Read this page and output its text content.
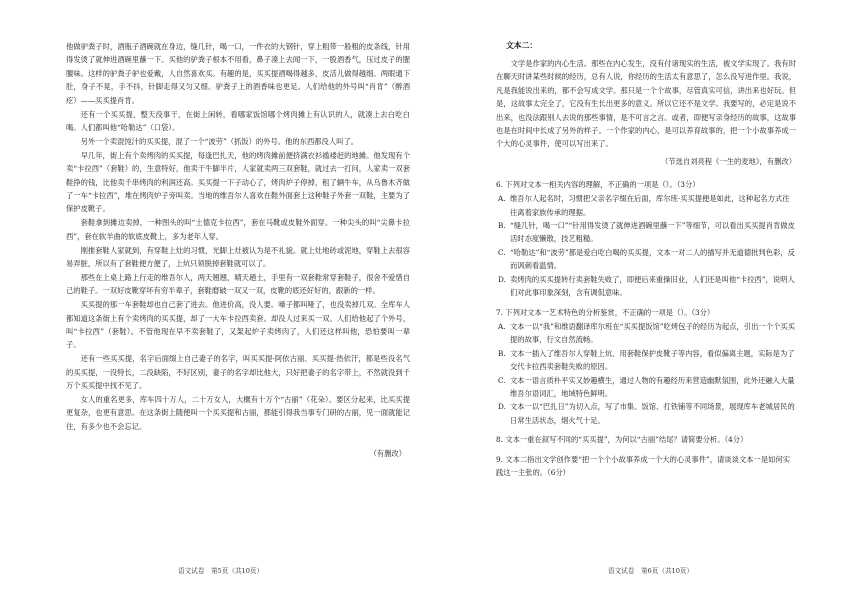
他做驴粪子时，酒瓶子酒碗就在身边，缝几针，喝一口，一件衣的大钢针，穿上粗带一般粗的皮条线，针用得发烫了就伸进酒碗里蘸一下。买他的驴粪子根本不用看，鼻子凑上去闻一下，一股酒香气，压过皮子的腥膻味。这样的驴粪子驴也爱戴，人自然喜欢买。有趣的是，买买提酒喝得越多，皮活儿做得越细。两眼通下肚，身子不晃，手不抖，针脚走得又匀又细。驴粪子上的酒香味也更足。人们给他的外号叫“肖肯”（醉酒疙）——买买提肖肯。

还有一个买买提，整天没事干，在街上闲转，看哪家饭馆哪个烤肉摊上有认识的人，就凑上去白吃白喝。人们都叫他“哈勒达”（口袋）。

另外一个卖混饨汁的买买提，混了一个“波劳”（抓饭）的外号。他的东西都没人叫了。

早几年，街上有个卖烤肉的买买提，每逢巴扎天，他的烤肉摊前便挤满衣衫褴褛赶的地摊。他发现有个卖“卡拉西”（套鞋）的，生意特好，他卖干牛脚半片，人家就卖两三双套鞋，就过去一打问，人家卖一双套鞋挣的钱，比他卖千串烤肉的利润还高。买买提一下子动心了，烤肉炉子停掉，租了辆牛车，从乌鲁木齐做了一车“卡拉西”，堆在烤肉炉子旁叫卖。当地的维吾尔人喜欢在鞋外面套上这种鞋子外套一双鞋，主要为了保护皮靴子。

套鞋拿到摊边卖掉，一种图头的叫“土德克卡拉西”，套在马靴或皮鞋外面穿。一种尖头的叫“尖鼻卡拉西”，套在软羊曲的软底皮靴上，多为老年人穿。

刚推套鞋人家就到，有穿鞋上灶的习惯，光脚上灶被认为是不礼貌。就上灶地砖或泥地，穿鞋上去很容易弄脏，所以有了套鞋便方便了，上炕只须脱掉套鞋就可以了。

那些在上桌上路上行走的维吾尔人，两天翘翘，晴天趟土，手里有一双套鞋常穿套鞋子，很舍不爱惜自己的鞋子。一双好皮靴穿坏有穷半辈子，套鞋磨破一双又一双，皮靴的底还好好的，跟新的一样。

买买提的那一车套鞋却也自己套了进去。他进价高，没人要。嗓子都叫哑了，也没卖掉几双。全库车人都知道这条街上有个卖烤肉的买买提，却了一大车卡拉西卖套。却没人过来买一双。人们给他起了个外号，叫“卡拉西”（套鞋）。不管他现在早不卖套鞋了，又架起炉子卖烤肉了，人们还这样叫他，恐怕要叫一辈子。

还有一些买买提，名字后面缀上自己妻子的名字，叫买买提·阿依古丽、买买提·热依汗，都是些没名气的买买提，一没特长，二没缺陷，不好区别，妻子的名字却比他大，只好把妻子的名字带上，不然就没到千万个买买提中找不见了。

女人的重名更多，库车四十万人，二十万女人，大概有十万个“古丽”（花朵）。要区分起来，比买买提更复杂，也更有意思。在这条街上随便叫一个买买提和古丽，都能引得我当事专门研的古丽，见一面就能记住，有多少也不会忘记。

（有删改）
文本二：

文学是作家的内心生活。那些在内心发生，没有付诸现实的生活，被文学实现了。我有时在聊天时讲某些时候的经历，总有人说，你经历的生活太有意思了，怎么没写进作里。我说，凡是我能说出来的，都不会写成文学。那只是一个个故事，尽管真实可信，讲出来也好玩。但是，这故事太完全了，它没有生长出更多的意义。所以它还不是文学。我要写的，必定是说不出来，也没法跟别人去说的那些事情，是不可言之言。或者，即便写亲身经历的故事，这故事也是在时间中长成了另外的样子。一个作家的内心，是可以养育故事的，把一个小故事养成一个大的心灵事件，使可以写出来了。

（节选自刘亮程《一生的麦地》，有删改）
6. 下列对文本一相关内容的理解，不正确的一项是（）。（3分）
A. 维吾尔人起名时，习惯把父亲名字缀在后面，库尔班·买买提便是如此，这种起名方式往往离着家族传承的理据。
B. “缝几针，喝一口”“针用得发烫了就伸进酒碗里蘸一下”等细节，可以看出买买提肖肯做皮活时态度懒散，技艺粗糙。
C. “哈勒达”和“波劳”都是爱白吃白喝的买买提，文本一对二人的描写并无道德批判色彩，反而讽刺看温情。
D. 卖烤肉的买买提转行卖套鞋失败了，即便后来重操旧业，人们还是叫他“卡拉西”，说明人们对此事印象深刻，含有调侃意味。
7. 下列对文本一艺术特色的分析鉴赏，不正确的一项是（）。（3分）
A. 文本一以“我”和维语翻译库尔班在“买买提饭馆”吃烤包子的经历为起点，引出一个个买买提的故事，行文自然流畅。
B. 文本一插入了维吾尔人穿鞋上炕、用套鞋保护皮靴子等内容，看似偏离主题，实际是为了交代卡拉西卖套鞋失败的原因。
C. 文本一语言质朴平实又妙趣横生，通过人物的有趣经历来营造幽默氛围，此外还融入大量维吾尔语词汇，地域特色鲜明。
D. 文本一以“巴扎日”为切入点，写了市集、饭馆、打铁铺等不同场景，展现库车老城居民的日常生活状态，烟火气十足。
8. 文本一重在叙写不同的“买买提”，为何以“古丽”结尾？请简要分析。（4分）
9. 文本二指出文学创作要“把一个个小故事养成一个大的心灵事件”，请谈谈文本一是如何实践这一主张的。（6分）
语文试卷　第5页（共10页）	语文试卷　第6页（共10页）
